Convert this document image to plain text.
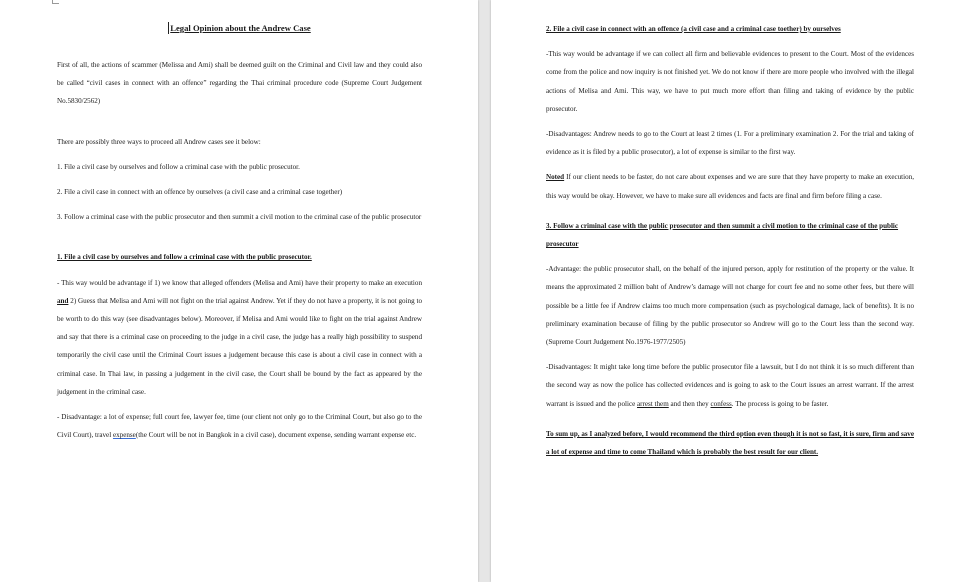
Legal Opinion about the Andrew Case

First of all, the actions of scammer (Melissa and Ami) shall be deemed guilt on the Criminal and Civil law and they could also be called “civil cases in connect with an offence” regarding the Thai criminal procedure code (Supreme Court Judgement No.5830/2562)

There are possibly three ways to proceed all Andrew cases see it below:

1. File a civil case by ourselves and follow a criminal case with the public prosecutor.

2. File a civil case in connect with an offence by ourselves (a civil case and a criminal case together)

3. Follow a criminal case with the public prosecutor and then summit a civil motion to the criminal case of the public prosecutor

1. File a civil case by ourselves and follow a criminal case with the public prosecutor.

- This way would be advantage if 1) we know that alleged offenders (Melisa and Ami) have their property to make an execution and 2) Guess that Melisa and Ami will not fight on the trial against Andrew. Yet if they do not have a property, it is not going to be worth to do this way (see disadvantages below). Moreover, if Melisa and Ami would like to fight on the trial against Andrew and say that there is a criminal case on proceeding to the judge in a civil case, the judge has a really high possibility to suspend temporarily the civil case until the Criminal Court issues a judgement because this case is about a civil case in connect with a criminal case. In Thai law, in passing a judgement in the civil case, the Court shall be bound by the fact as appeared by the judgement in the criminal case.

- Disadvantage: a lot of expense; full court fee, lawyer fee, time (our client not only go to the Criminal Court, but also go to the Civil Court), travel expense(the Court will be not in Bangkok in a civil case), document expense, sending warrant expense etc.

2. File a civil case in connect with an offence (a civil case and a criminal case toether) by ourselves

-This way would be advantage if we can collect all firm and believable evidences to present to the Court. Most of the evidences come from the police and now inquiry is not finished yet. We do not know if there are more people who involved with the illegal actions of Melisa and Ami. This way, we have to put much more effort than filing and taking of evidence by the public prosecutor.

-Disadvantages: Andrew needs to go to the Court at least 2 times (1. For a preliminary examination 2. For the trial and taking of evidence as it is filed by a public prosecutor), a lot of expense is similar to the first way.

Noted If our client needs to be faster, do not care about expenses and we are sure that they have property to make an execution, this way would be okay. However, we have to make sure all evidences and facts are final and firm before filing a case.

3. Follow a criminal case with the public prosecutor and then summit a civil motion to the criminal case of the public prosecutor

-Advantage: the public prosecutor shall, on the behalf of the injured person, apply for restitution of the property or the value. It means the approximated 2 million baht of Andrew’s damage will not charge for court fee and no some other fees, but there will possible be a little fee if Andrew claims too much more compensation (such as psychological damage, lack of benefits). It is no preliminary examination because of filing by the public prosecutor so Andrew will go to the Court less than the second way. (Supreme Court Judgement No.1976-1977/2505)

-Disadvantages: It might take long time before the public prosecutor file a lawsuit, but I do not think it is so much different than the second way as now the police has collected evidences and is going to ask to the Court issues an arrest warrant. If the arrest warrant is issued and the police arrest them and then they confess. The process is going to be faster.

To sum up, as I analyzed before, I would recommend the third option even though it is not so fast, it is sure, firm and save a lot of expense and time to come Thailand which is probably the best result for our client.
